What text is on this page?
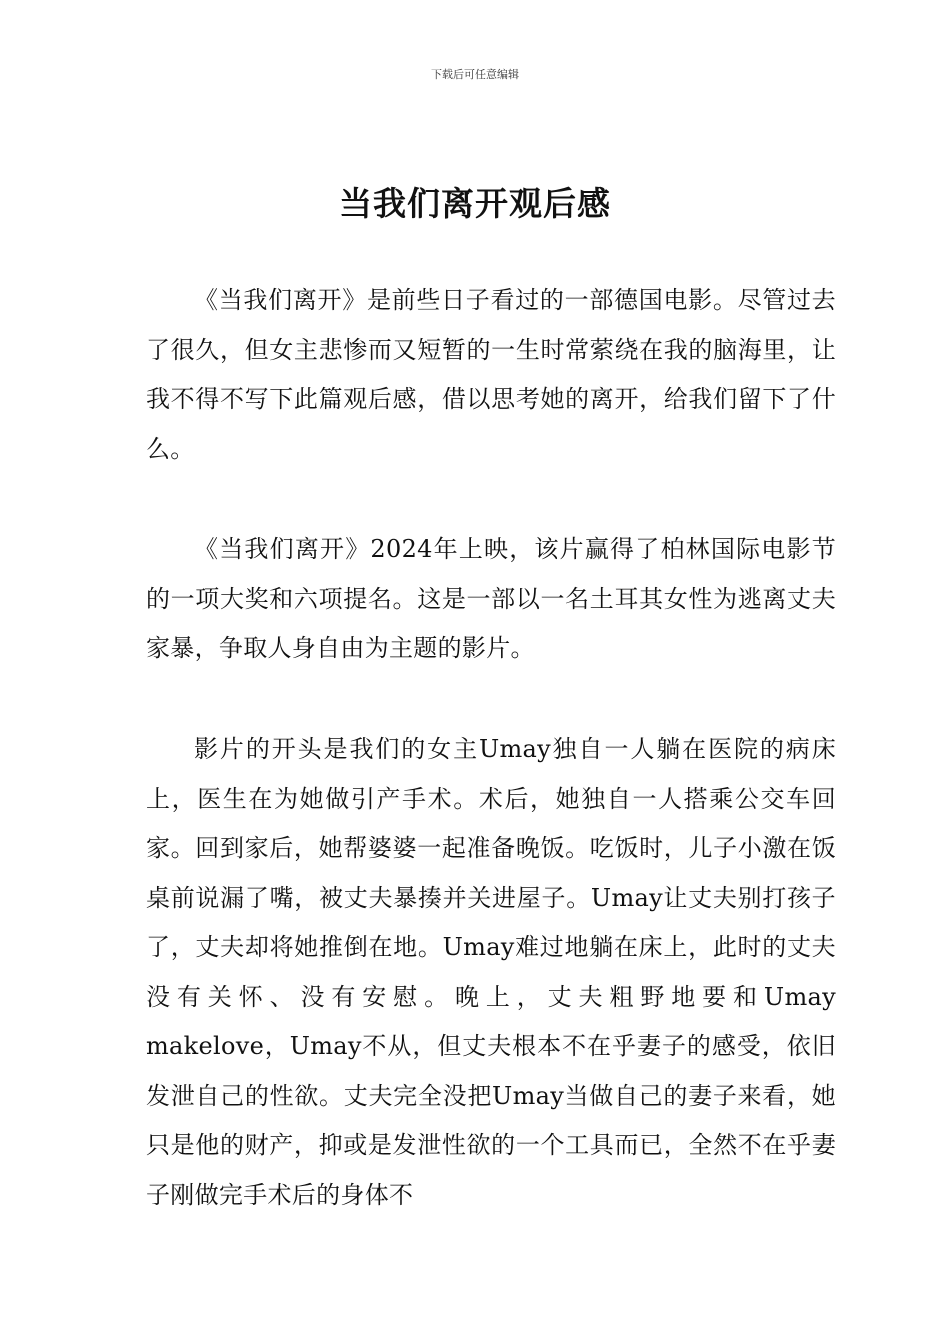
下载后可任意编辑
当我们离开观后感

《当我们离开》是前些日子看过的一部德国电影。尽管过去了很久，但女主悲惨而又短暂的一生时常萦绕在我的脑海里，让我不得不写下此篇观后感，借以思考她的离开，给我们留下了什么。

《当我们离开》2024年上映，该片赢得了柏林国际电影节的一项大奖和六项提名。这是一部以一名土耳其女性为逃离丈夫家暴，争取人身自由为主题的影片。

影片的开头是我们的女主Umay独自一人躺在医院的病床上，医生在为她做引产手术。术后，她独自一人搭乘公交车回家。回到家后，她帮婆婆一起准备晚饭。吃饭时，儿子小激在饭桌前说漏了嘴，被丈夫暴揍并关进屋子。Umay让丈夫别打孩子了，丈夫却将她推倒在地。Umay难过地躺在床上，此时的丈夫没有关怀、没有安慰。晚上，丈夫粗野地要和Umay makelove，Umay不从，但丈夫根本不在乎妻子的感受，依旧发泄自己的性欲。丈夫完全没把Umay当做自己的妻子来看，她只是他的财产，抑或是发泄性欲的一个工具而已，全然不在乎妻子刚做完手术后的身体不
